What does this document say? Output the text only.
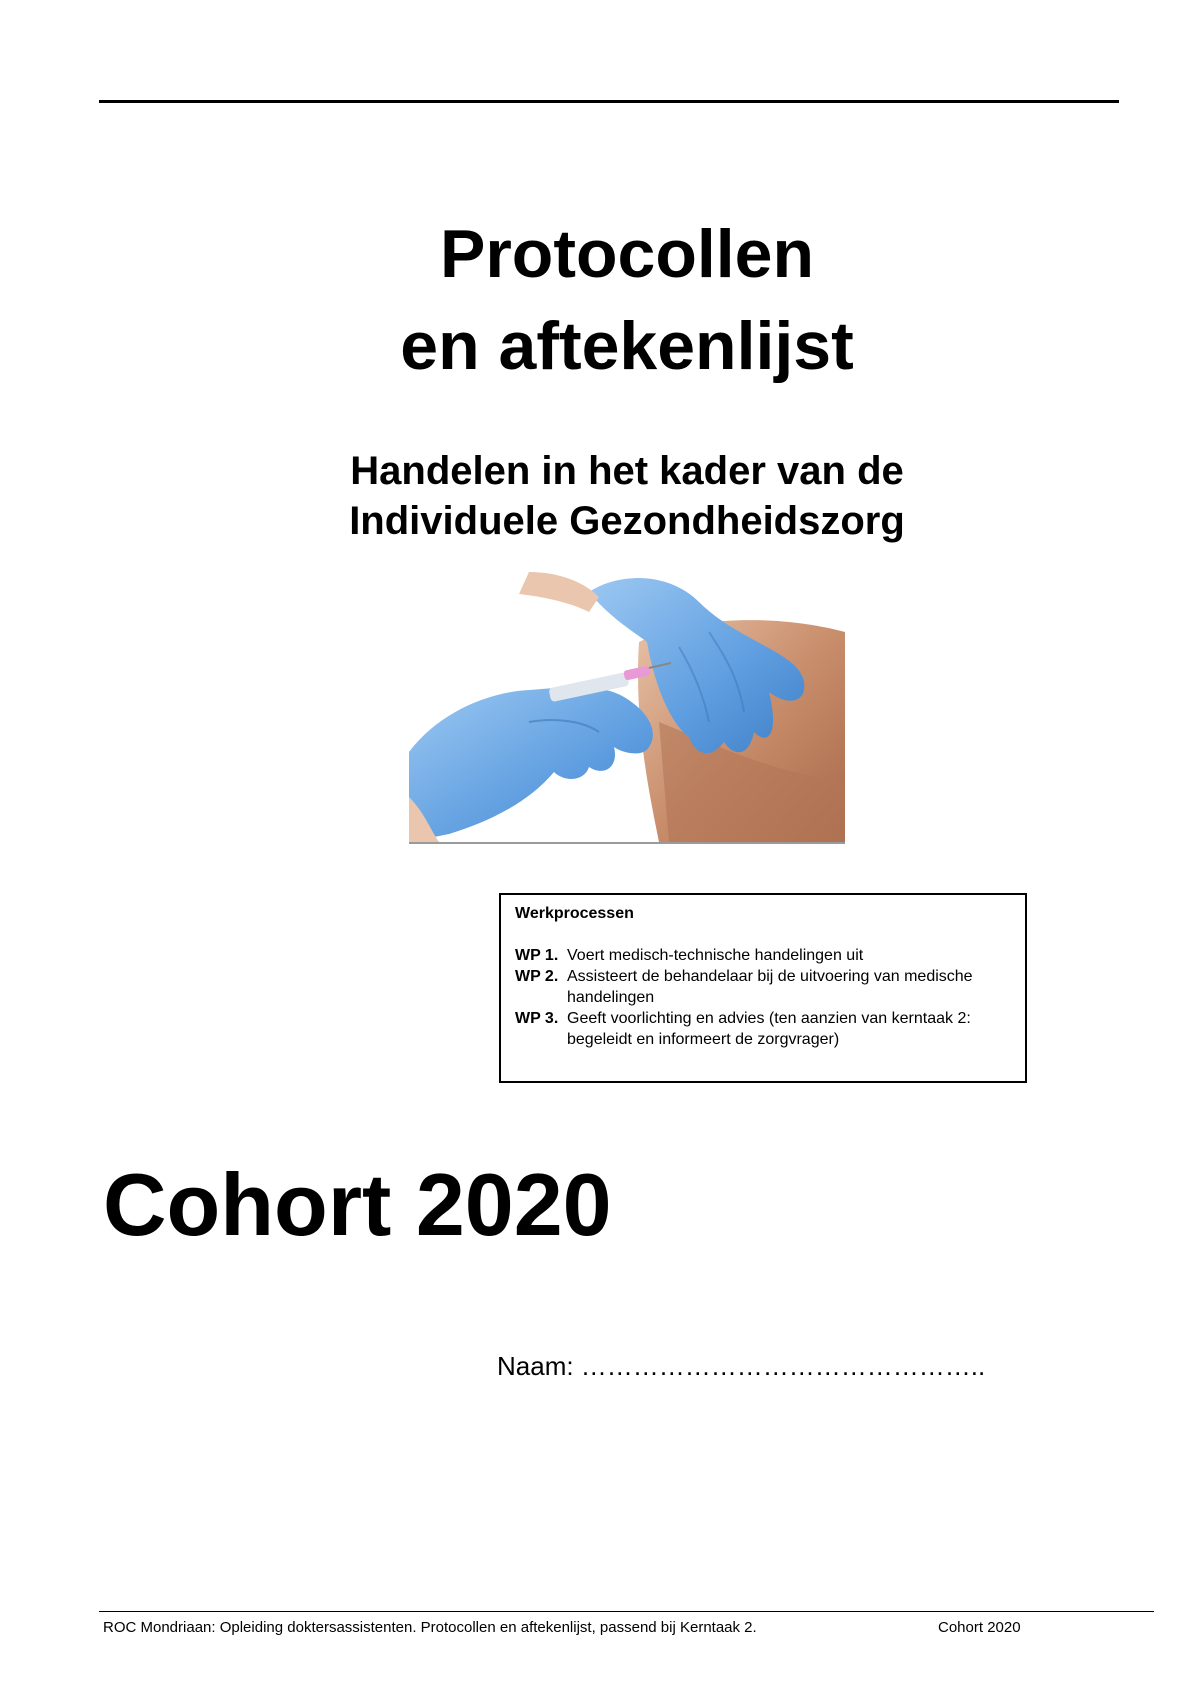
Protocollen
en aftekenlijst
Handelen in het kader van de
Individuele Gezondheidszorg
Werkprocessen
WP 1. Voert medisch-technische handelingen uit
WP 2. Assisteert de behandelaar bij de uitvoering van medische handelingen
WP 3. Geeft voorlichting en advies (ten aanzien van kerntaak 2: begeleidt en informeert de zorgvrager)
Cohort 2020
Naam: ………………………………………..
ROC Mondriaan: Opleiding doktersassistenten. Protocollen en aftekenlijst, passend bij Kerntaak 2.	Cohort 2020
